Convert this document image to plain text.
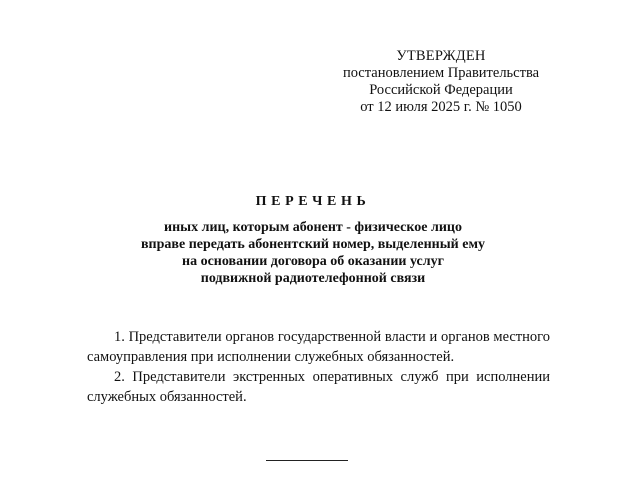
УТВЕРЖДЕН
постановлением Правительства
Российской Федерации
от 12 июля 2025 г. № 1050
ПЕРЕЧЕНЬ
иных лиц, которым абонент - физическое лицо
вправе передать абонентский номер, выделенный ему
на основании договора об оказании услуг
подвижной радиотелефонной связи

1. Представители органов государственной власти и органов местного самоуправления при исполнении служебных обязанностей.

2. Представители экстренных оперативных служб при исполнении служебных обязанностей.
